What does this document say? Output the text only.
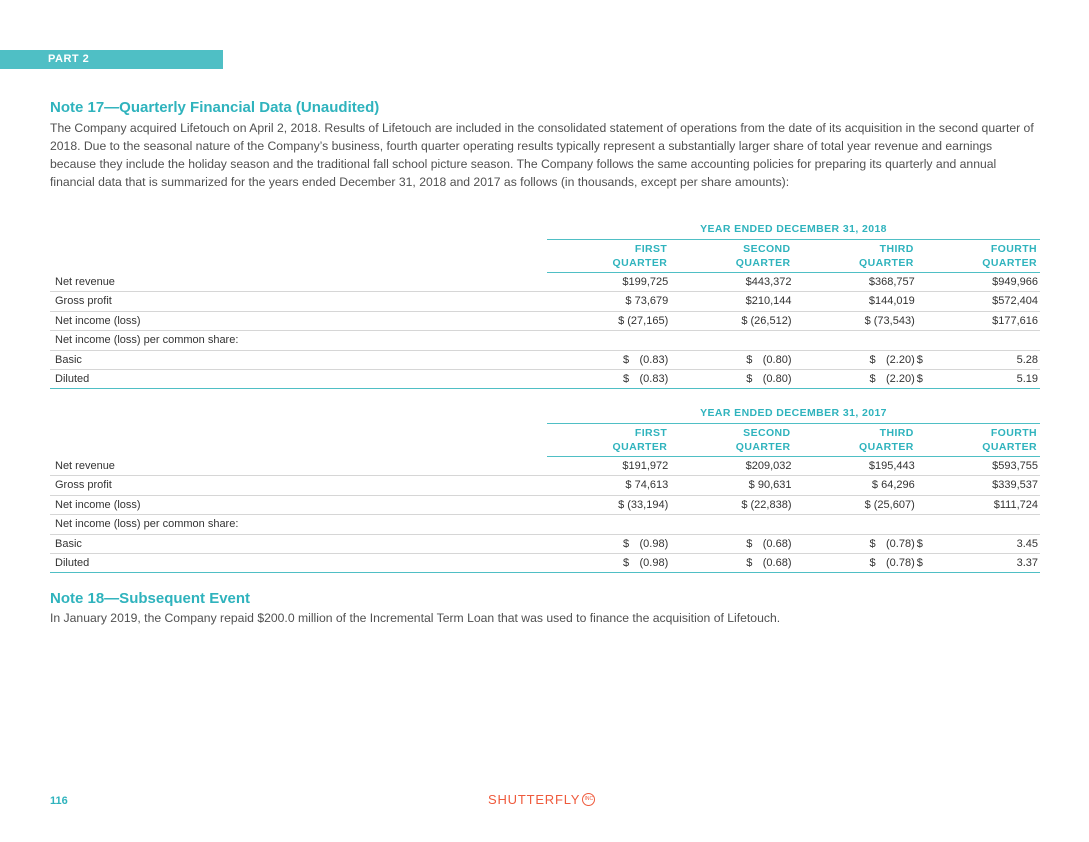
PART 2
Note 17—Quarterly Financial Data (Unaudited)

The Company acquired Lifetouch on April 2, 2018. Results of Lifetouch are included in the consolidated statement of operations from the date of its acquisition in the second quarter of 2018. Due to the seasonal nature of the Company’s business, fourth quarter operating results typically represent a substantially larger share of total year revenue and earnings because they include the holiday season and the traditional fall school picture season. The Company follows the same accounting policies for preparing its quarterly and annual financial data that is summarized for the years ended December 31, 2018 and 2017 as follows (in thousands, except per share amounts):

YEAR ENDED DECEMBER 31, 2018
FIRST
QUARTER
SECOND
QUARTER
THIRD
QUARTER
FOURTH
QUARTER
Net revenue	$199,725	$443,372	$368,757	$949,966
Gross profit	$ 73,679	$210,144	$144,019	$572,404
Net income (loss)	$ (27,165)	$ (26,512)	$ (73,543)	$177,616
Net income (loss) per common share:
Basic	$ (0.83)	$ (0.80)	$ (2.20) $	5.28
Diluted	$ (0.83)	$ (0.80)	$ (2.20) $	5.19
YEAR ENDED DECEMBER 31, 2017
FIRST
QUARTER
SECOND
QUARTER
THIRD
QUARTER
FOURTH
QUARTER
Net revenue	$191,972	$209,032	$195,443	$593,755
Gross profit	$ 74,613	$ 90,631	$ 64,296	$339,537
Net income (loss)	$ (33,194)	$ (22,838)	$ (25,607)	$111,724
Net income (loss) per common share:
Basic	$ (0.98)	$ (0.68)	$ (0.78) $	3.45
Diluted	$ (0.98)	$ (0.68)	$ (0.78) $	3.37
Note 18—Subsequent Event

In January 2019, the Company repaid $200.0 million of the Incremental Term Loan that was used to finance the acquisition of Lifetouch.

116	SHUTTERFLY INC
